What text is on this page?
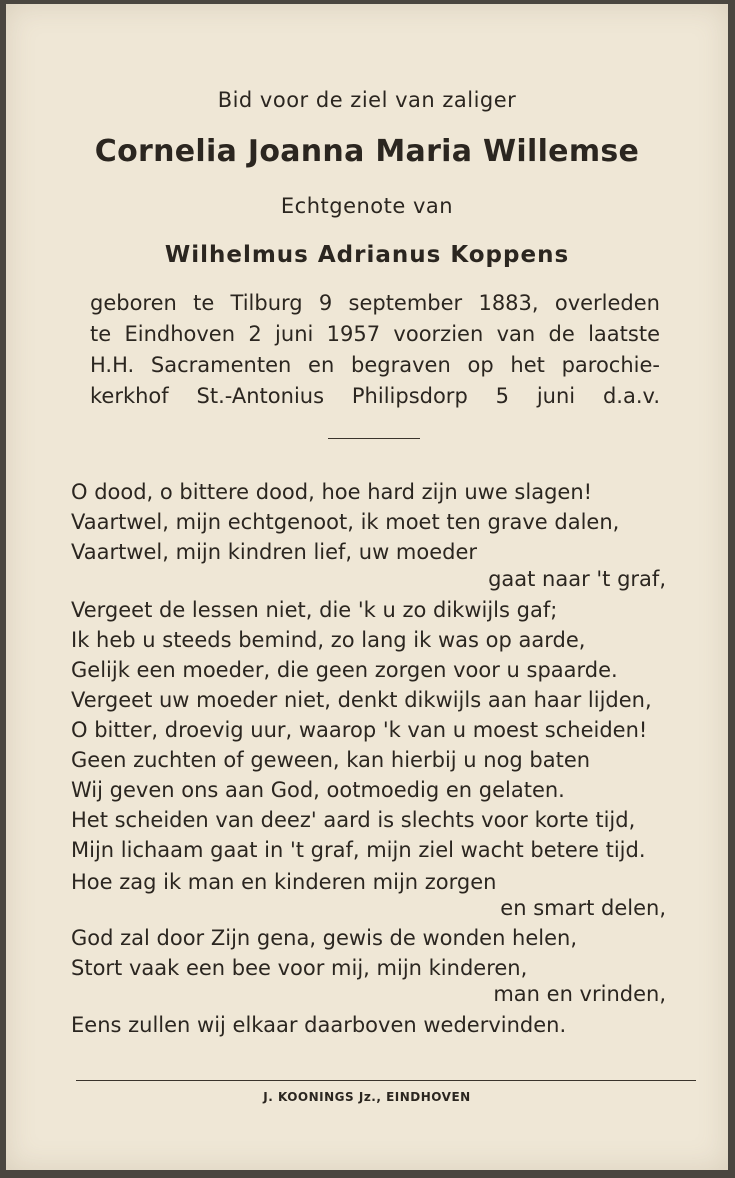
Bid voor de ziel van zaliger
Cornelia Joanna Maria Willemse
Echtgenote van
Wilhelmus Adrianus Koppens
geboren te Tilburg 9 september 1883, overleden
te Eindhoven 2 juni 1957 voorzien van de laatste
H.H. Sacramenten en begraven op het parochie-
kerkhof St.-Antonius Philipsdorp 5 juni d.a.v.
O dood, o bittere dood, hoe hard zijn uwe slagen!
Vaartwel, mijn echtgenoot, ik moet ten grave dalen,
Vaartwel, mijn kindren lief, uw moeder
gaat naar 't graf,
Vergeet de lessen niet, die 'k u zo dikwijls gaf;
Ik heb u steeds bemind, zo lang ik was op aarde,
Gelijk een moeder, die geen zorgen voor u spaarde.
Vergeet uw moeder niet, denkt dikwijls aan haar lijden,
O bitter, droevig uur, waarop 'k van u moest scheiden!
Geen zuchten of geween, kan hierbij u nog baten
Wij geven ons aan God, ootmoedig en gelaten.
Het scheiden van deez' aard is slechts voor korte tijd,
Mijn lichaam gaat in 't graf, mijn ziel wacht betere tijd.
Hoe zag ik man en kinderen mijn zorgen
en smart delen,
God zal door Zijn gena, gewis de wonden helen,
Stort vaak een bee voor mij, mijn kinderen,
man en vrinden,
Eens zullen wij elkaar daarboven wedervinden.
J. KOONINGS Jz., EINDHOVEN
